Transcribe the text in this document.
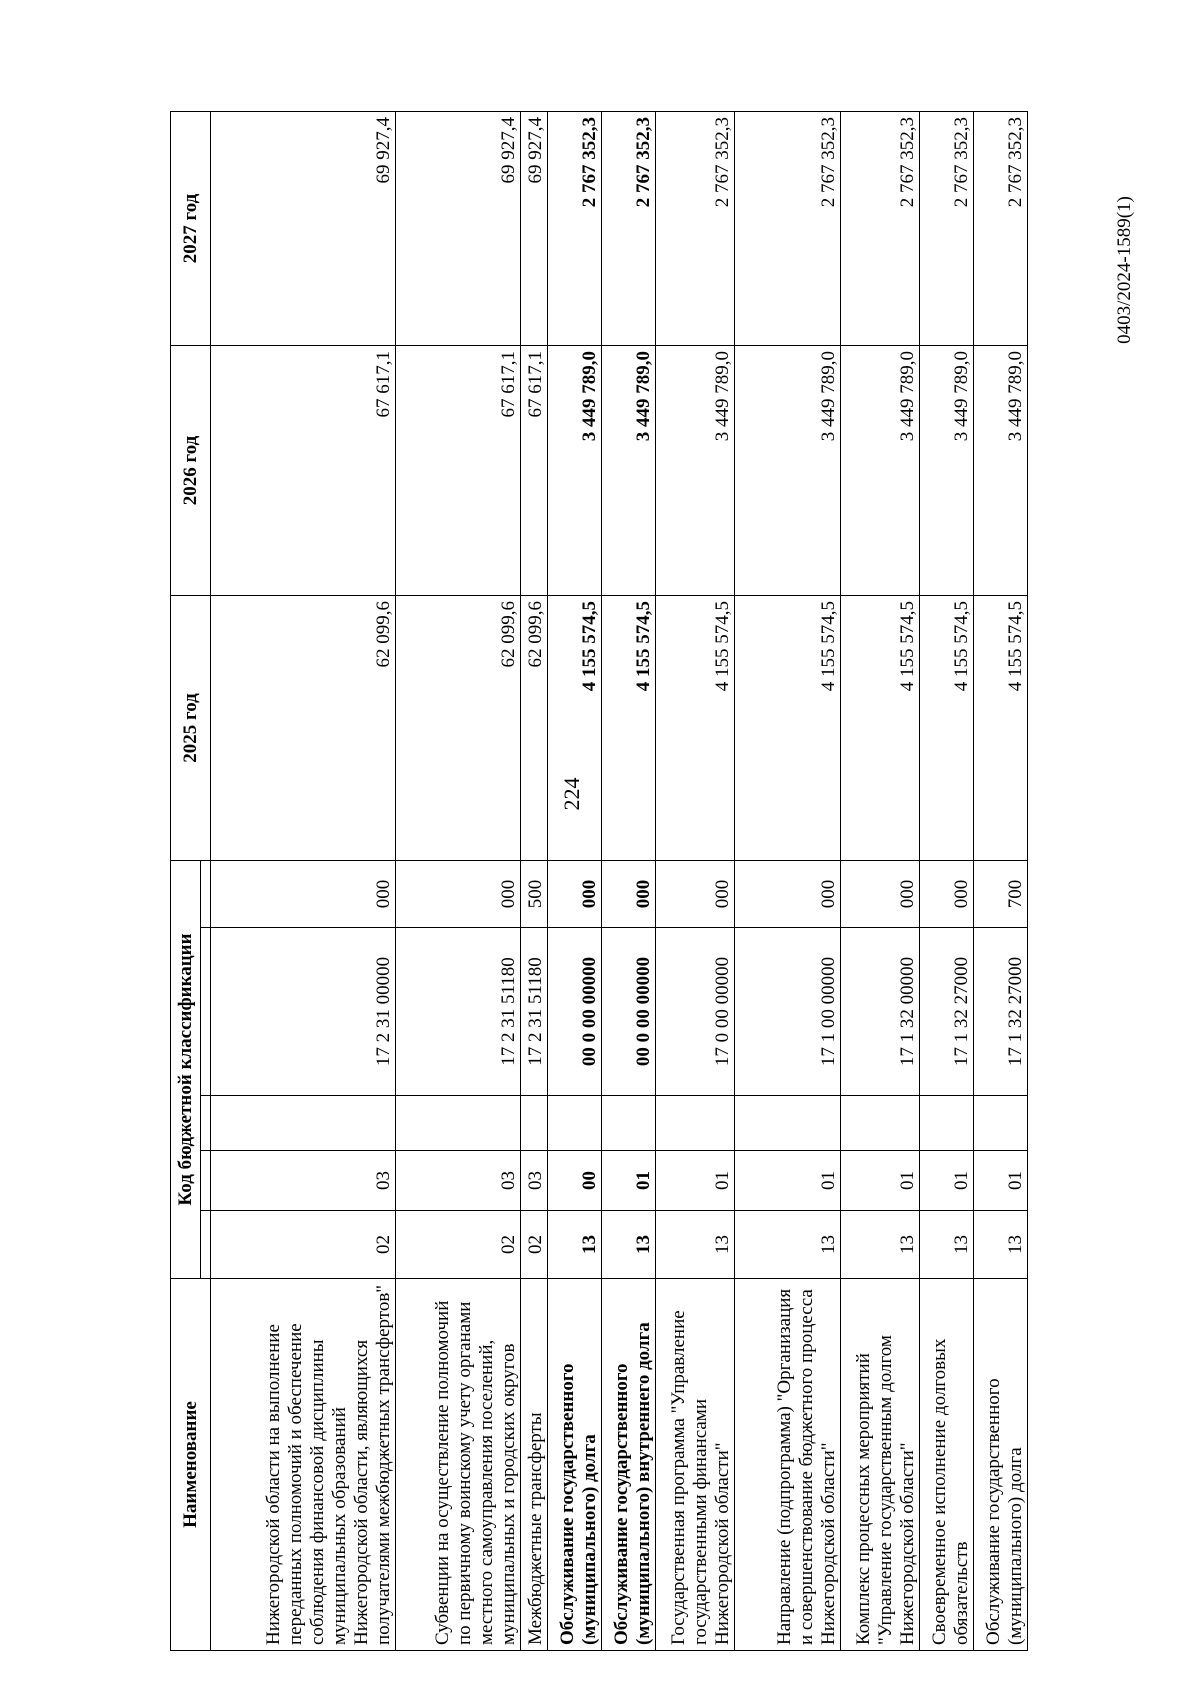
224
0403/2024-1589(1)
Наименование	Код бюджетной классификации					2025 год	2026 год	2027 год

Нижегородской области на выполнение переданных полномочий и обеспечение соблюдения финансовой дисциплины муниципальных образований Нижегородской области, являющихся получателями межбюджетных трансфертов"	02	03		17 2 31 00000	000	62 099,6	67 617,1	69 927,4
Субвенции на осуществление полномочий по первичному воинскому учету органами местного самоуправления поселений, муниципальных и городских округов	02	03		17 2 31 51180	000	62 099,6	67 617,1	69 927,4
Межбюджетные трансферты	02	03		17 2 31 51180	500	62 099,6	67 617,1	69 927,4
Обслуживание государственного (муниципального) долга	13	00		00 0 00 00000	000	4 155 574,5	3 449 789,0	2 767 352,3
Обслуживание государственного (муниципального) внутреннего долга	13	01		00 0 00 00000	000	4 155 574,5	3 449 789,0	2 767 352,3
Государственная программа "Управление государственными финансами Нижегородской области"	13	01		17 0 00 00000	000	4 155 574,5	3 449 789,0	2 767 352,3
Направление (подпрограмма) "Организация и совершенствование бюджетного процесса Нижегородской области"	13	01		17 1 00 00000	000	4 155 574,5	3 449 789,0	2 767 352,3
Комплекс процессных мероприятий "Управление государственным долгом Нижегородской области"	13	01		17 1 32 00000	000	4 155 574,5	3 449 789,0	2 767 352,3
Своевременное исполнение долговых обязательств	13	01		17 1 32 27000	000	4 155 574,5	3 449 789,0	2 767 352,3
Обслуживание государственного (муниципального) долга	13	01		17 1 32 27000	700	4 155 574,5	3 449 789,0	2 767 352,3
